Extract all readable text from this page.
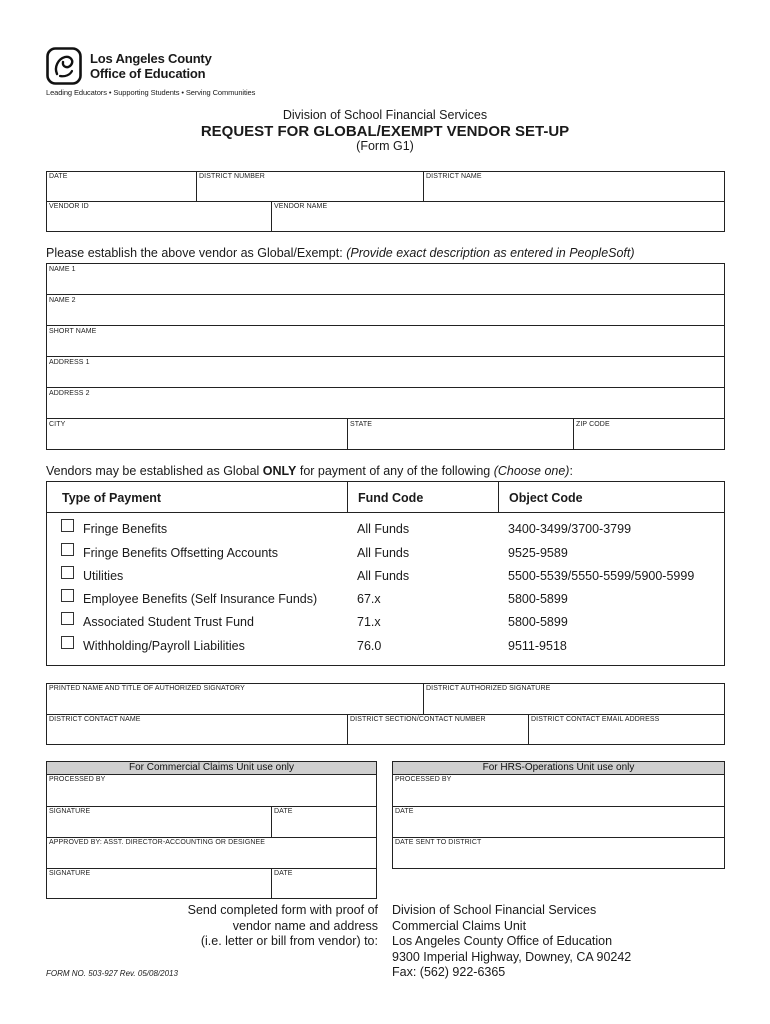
Los Angeles County
Office of Education
Leading Educators • Supporting Students • Serving Communities
Division of School Financial Services
REQUEST FOR GLOBAL/EXEMPT VENDOR SET-UP
(Form G1)
DATE	DISTRICT NUMBER	DISTRICT NAME
VENDOR ID	VENDOR NAME
Please establish the above vendor as Global/Exempt: (Provide exact description as entered in PeopleSoft)
NAME 1
NAME 2
SHORT NAME
ADDRESS 1
ADDRESS 2
CITY	STATE	ZIP CODE
Vendors may be established as Global ONLY for payment of any of the following (Choose one):
Type of Payment	Fund Code	Object Code
Fringe Benefits	All Funds	3400-3499/3700-3799
Fringe Benefits Offsetting Accounts	All Funds	9525-9589
Utilities	All Funds	5500-5539/5550-5599/5900-5999
Employee Benefits (Self Insurance Funds)	67.x	5800-5899
Associated Student Trust Fund	71.x	5800-5899
Withholding/Payroll Liabilities	76.0	9511-9518
PRINTED NAME AND TITLE OF AUTHORIZED SIGNATORY	DISTRICT AUTHORIZED SIGNATURE
DISTRICT CONTACT NAME	DISTRICT SECTION/CONTACT NUMBER	DISTRICT CONTACT EMAIL ADDRESS
For Commercial Claims Unit use only
PROCESSED BY
SIGNATURE	DATE
APPROVED BY: ASST. DIRECTOR-ACCOUNTING OR DESIGNEE
SIGNATURE	DATE
For HRS-Operations Unit use only
PROCESSED BY
DATE
DATE SENT TO DISTRICT
Send completed form with proof of
vendor name and address
(i.e. letter or bill from vendor) to:
Division of School Financial Services
Commercial Claims Unit
Los Angeles County Office of Education
9300 Imperial Highway, Downey, CA 90242
Fax: (562) 922-6365
FORM NO. 503-927 Rev. 05/08/2013
